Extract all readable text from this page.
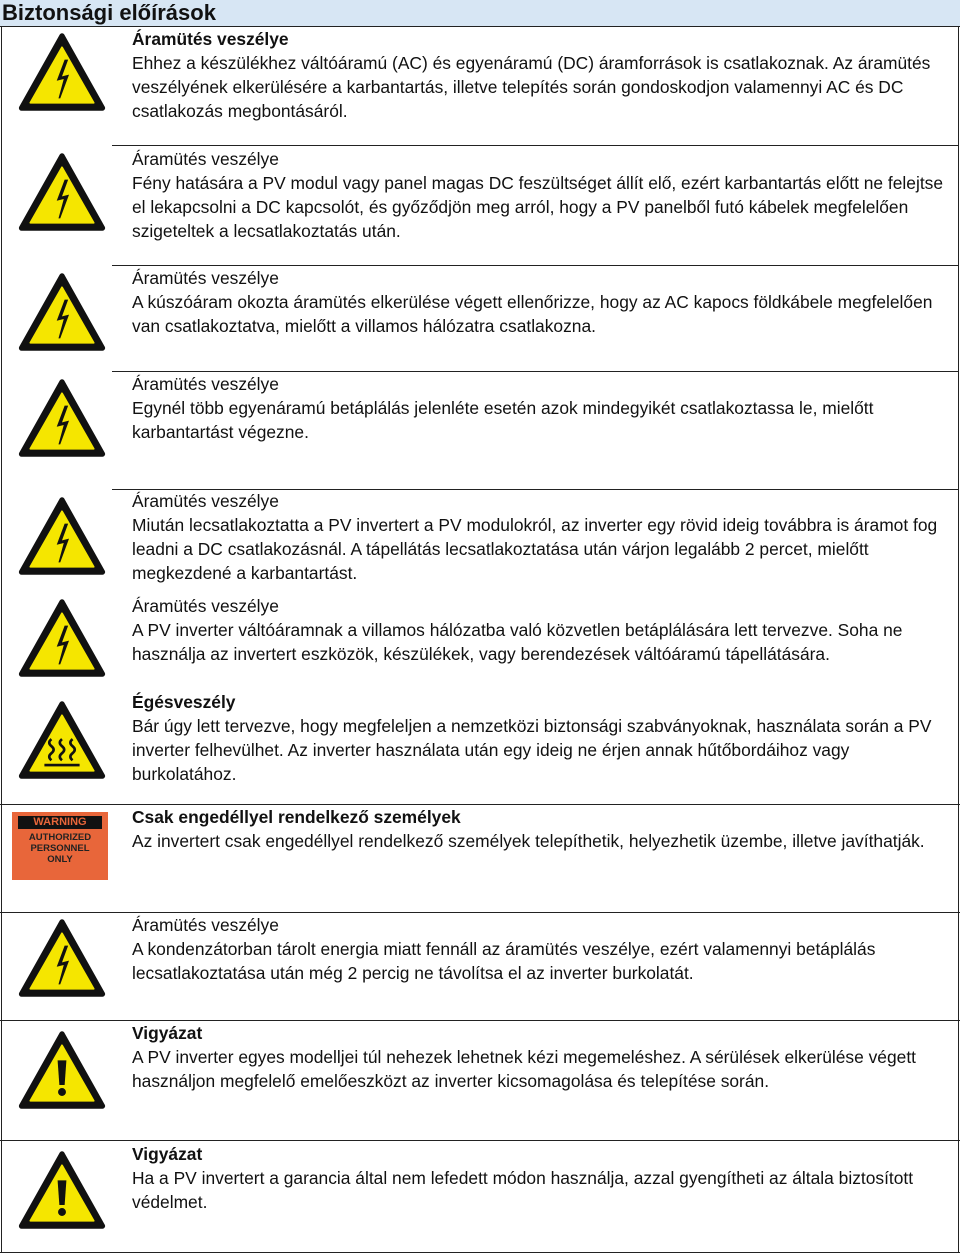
Biztonsági előírások
WARNING
AUTHORIZED
PERSONNEL
ONLY

Áramütés veszélye

Ehhez a készülékhez váltóáramú (AC) és egyenáramú (DC) áramforrások is csatlakoznak. Az áramütés veszélyének elkerülésére a karbantartás, illetve telepítés során gondoskodjon valamennyi AC és DC csatlakozás megbontásáról.

Áramütés veszélye

Fény hatására a PV modul vagy panel magas DC feszültséget állít elő, ezért karbantartás előtt ne felejtse el lekapcsolni a DC kapcsolót, és győződjön meg arról, hogy a PV panelből futó kábelek megfelelően szigeteltek a lecsatlakoztatás után.

Áramütés veszélye

A kúszóáram okozta áramütés elkerülése végett ellenőrizze, hogy az AC kapocs földkábele megfelelően van csatlakoztatva, mielőtt a villamos hálózatra csatlakozna.

Áramütés veszélye

Egynél több egyenáramú betáplálás jelenléte esetén azok mindegyikét csatlakoztassa le, mielőtt karbantartást végezne.

Áramütés veszélye

Miután lecsatlakoztatta a PV invertert a PV modulokról, az inverter egy rövid ideig továbbra is áramot fog leadni a DC csatlakozásnál. A tápellátás lecsatlakoztatása után várjon legalább 2 percet, mielőtt megkezdené a karbantartást.

Áramütés veszélye

A PV inverter váltóáramnak a villamos hálózatba való közvetlen betáplálására lett tervezve. Soha ne használja az invertert eszközök, készülékek, vagy berendezések váltóáramú tápellátására.

Égésveszély

Bár úgy lett tervezve, hogy megfeleljen a nemzetközi biztonsági szabványoknak, használata során a PV inverter felhevülhet. Az inverter használata után egy ideig ne érjen annak hűtőbordáihoz vagy burkolatához.

Csak engedéllyel rendelkező személyek

Az invertert csak engedéllyel rendelkező személyek telepíthetik, helyezhetik üzembe, illetve javíthatják.

Áramütés veszélye

A kondenzátorban tárolt energia miatt fennáll az áramütés veszélye, ezért valamennyi betáplálás lecsatlakoztatása után még 2 percig ne távolítsa el az inverter burkolatát.

Vigyázat

A PV inverter egyes modelljei túl nehezek lehetnek kézi megemeléshez. A sérülések elkerülése végett használjon megfelelő emelőeszközt az inverter kicsomagolása és telepítése során.

Vigyázat

Ha a PV invertert a garancia által nem lefedett módon használja, azzal gyengítheti az általa biztosított védelmet.
